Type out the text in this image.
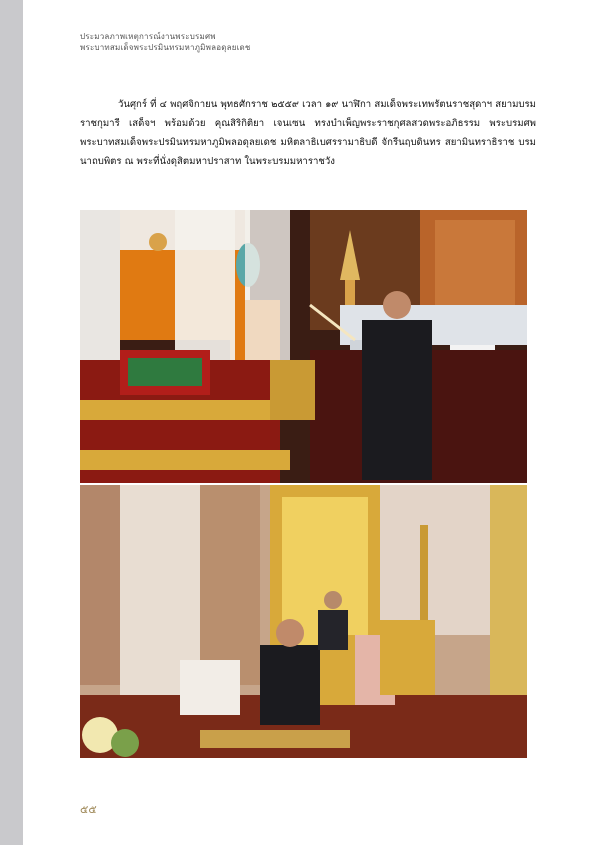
ประมวลภาพเหตุการณ์งานพระบรมศพ
พระบาทสมเด็จพระปรมินทรมหาภูมิพลอดุลยเดช

วันศุกร์ ที่ ๔ พฤศจิกายน พุทธศักราช ๒๕๕๙ เวลา ๑๙ นาฬิกา สมเด็จพระเทพรัตนราชสุดาฯ สยามบรมราชกุมารี เสด็จฯ พร้อมด้วย คุณสิริกิติยา เจนเซน ทรงบำเพ็ญพระราชกุศลสวดพระอภิธรรม พระบรมศพ พระบาทสมเด็จพระปรมินทรมหาภูมิพลอดุลยเดช มหิตลาธิเบศรรามาธิบดี จักรีนฤบดินทร สยามินทราธิราช บรมนาถบพิตร ณ พระที่นั่งดุสิตมหาปราสาท ในพระบรมมหาราชวัง

๕๕
